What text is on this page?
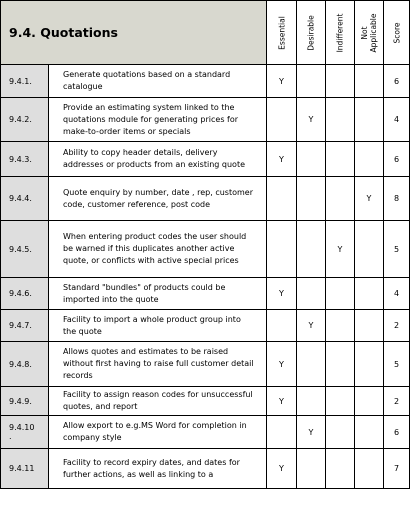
9.4. Quotations		Essential	Desirable	Indifferent	Not
Applicable	Score

9.4.1.	Generate quotations based on a standard catalogue	Y				6
9.4.2.	Provide an estimating system linked to the quotations module for generating prices for make-to-order items or specials		Y			4
9.4.3.	Ability to copy header details, delivery addresses or products from an existing quote	Y				6
9.4.4.	Quote enquiry by number, date , rep, customer code, customer reference, post code				Y	8
9.4.5.	When entering product codes the user should be warned if this duplicates another active quote, or conflicts with active special prices			Y		5
9.4.6.	Standard "bundles" of products could be imported into the quote	Y				4
9.4.7.	Facility to import a whole product group into the quote		Y			2
9.4.8.	Allows quotes and estimates to be raised without first having to raise full customer detail records	Y				5
9.4.9.	Facility to assign reason codes for unsuccessful quotes, and report	Y				2
9.4.10
.	Allow export to e.g.MS Word for completion in company style		Y			6
9.4.11	Facility to record expiry dates, and dates for further actions, as well as linking to a	Y				7
